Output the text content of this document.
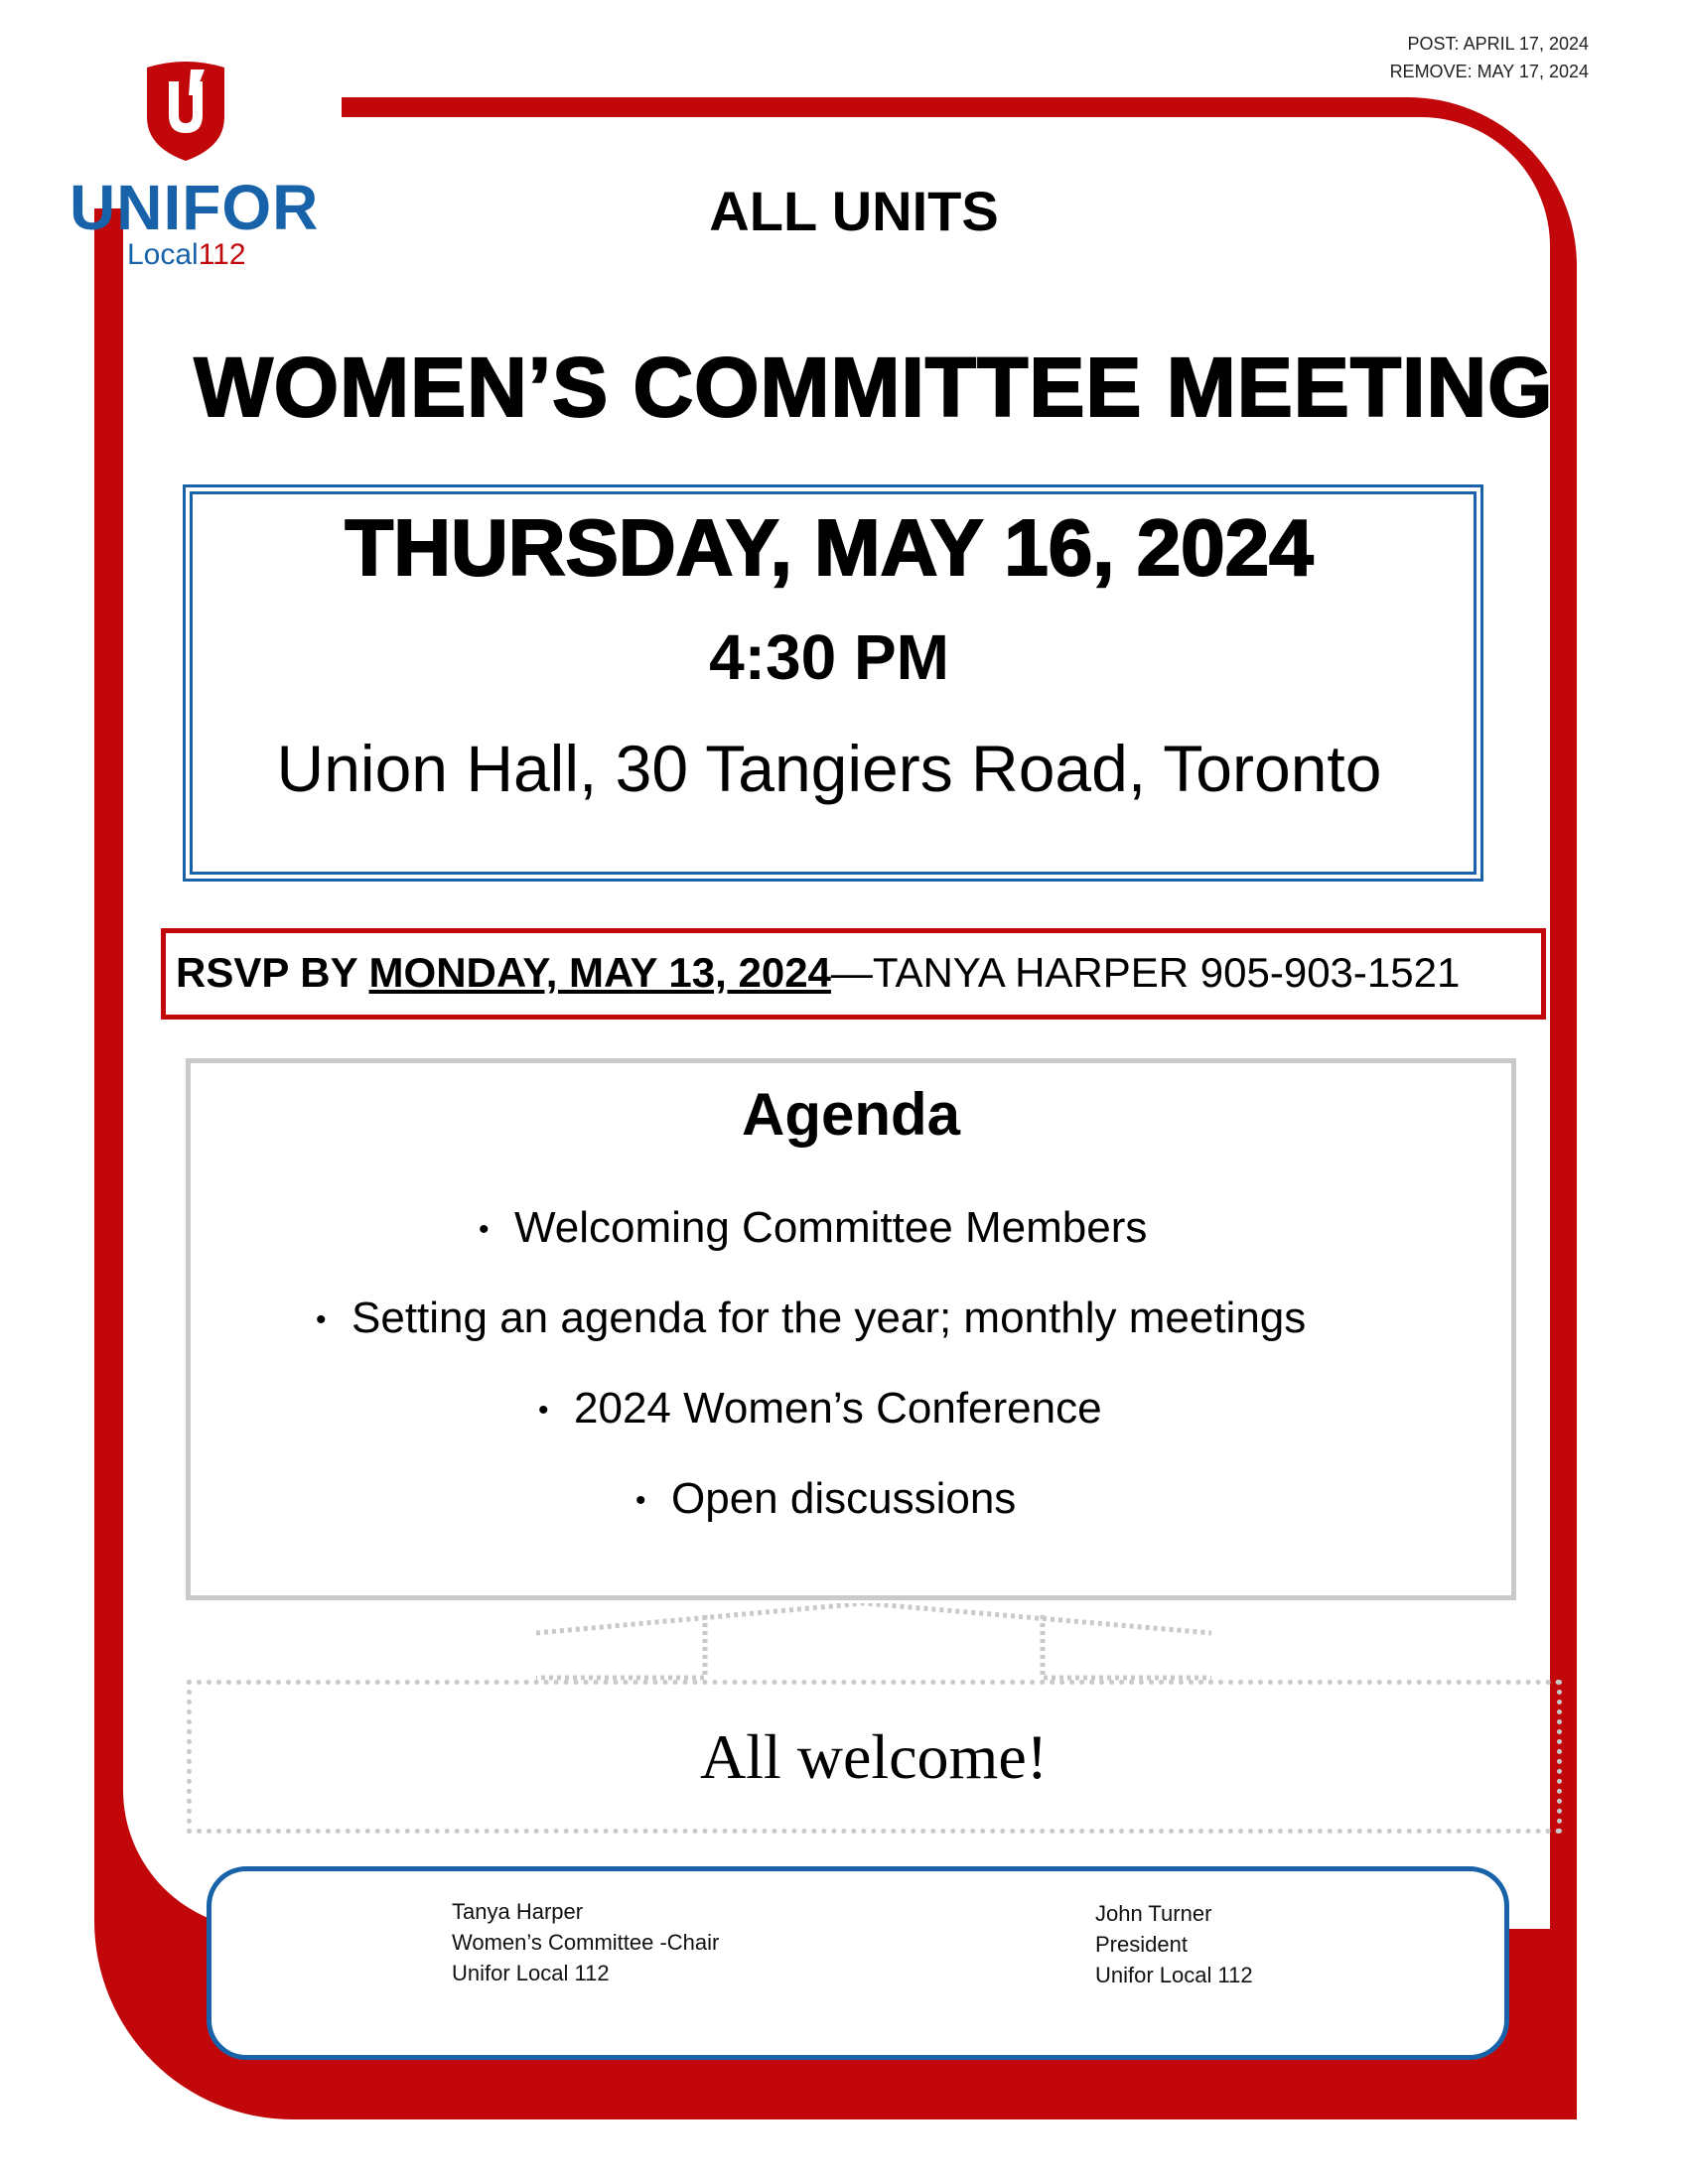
POST: APRIL 17, 2024
REMOVE: MAY 17, 2024
UNIFOR
Local112
ALL UNITS
WOMEN’S COMMITTEE MEETING
THURSDAY, MAY 16, 2024
4:30 PM
Union Hall, 30 Tangiers Road, Toronto
RSVP BY MONDAY, MAY 13, 2024—TANYA HARPER 905-903-1521
Agenda
• Welcoming Committee Members
• Setting an agenda for the year; monthly meetings
• 2024 Women’s Conference
• Open discussions
All welcome!
Tanya Harper
Women’s Committee -Chair
Unifor Local 112
John Turner
President
Unifor Local 112
